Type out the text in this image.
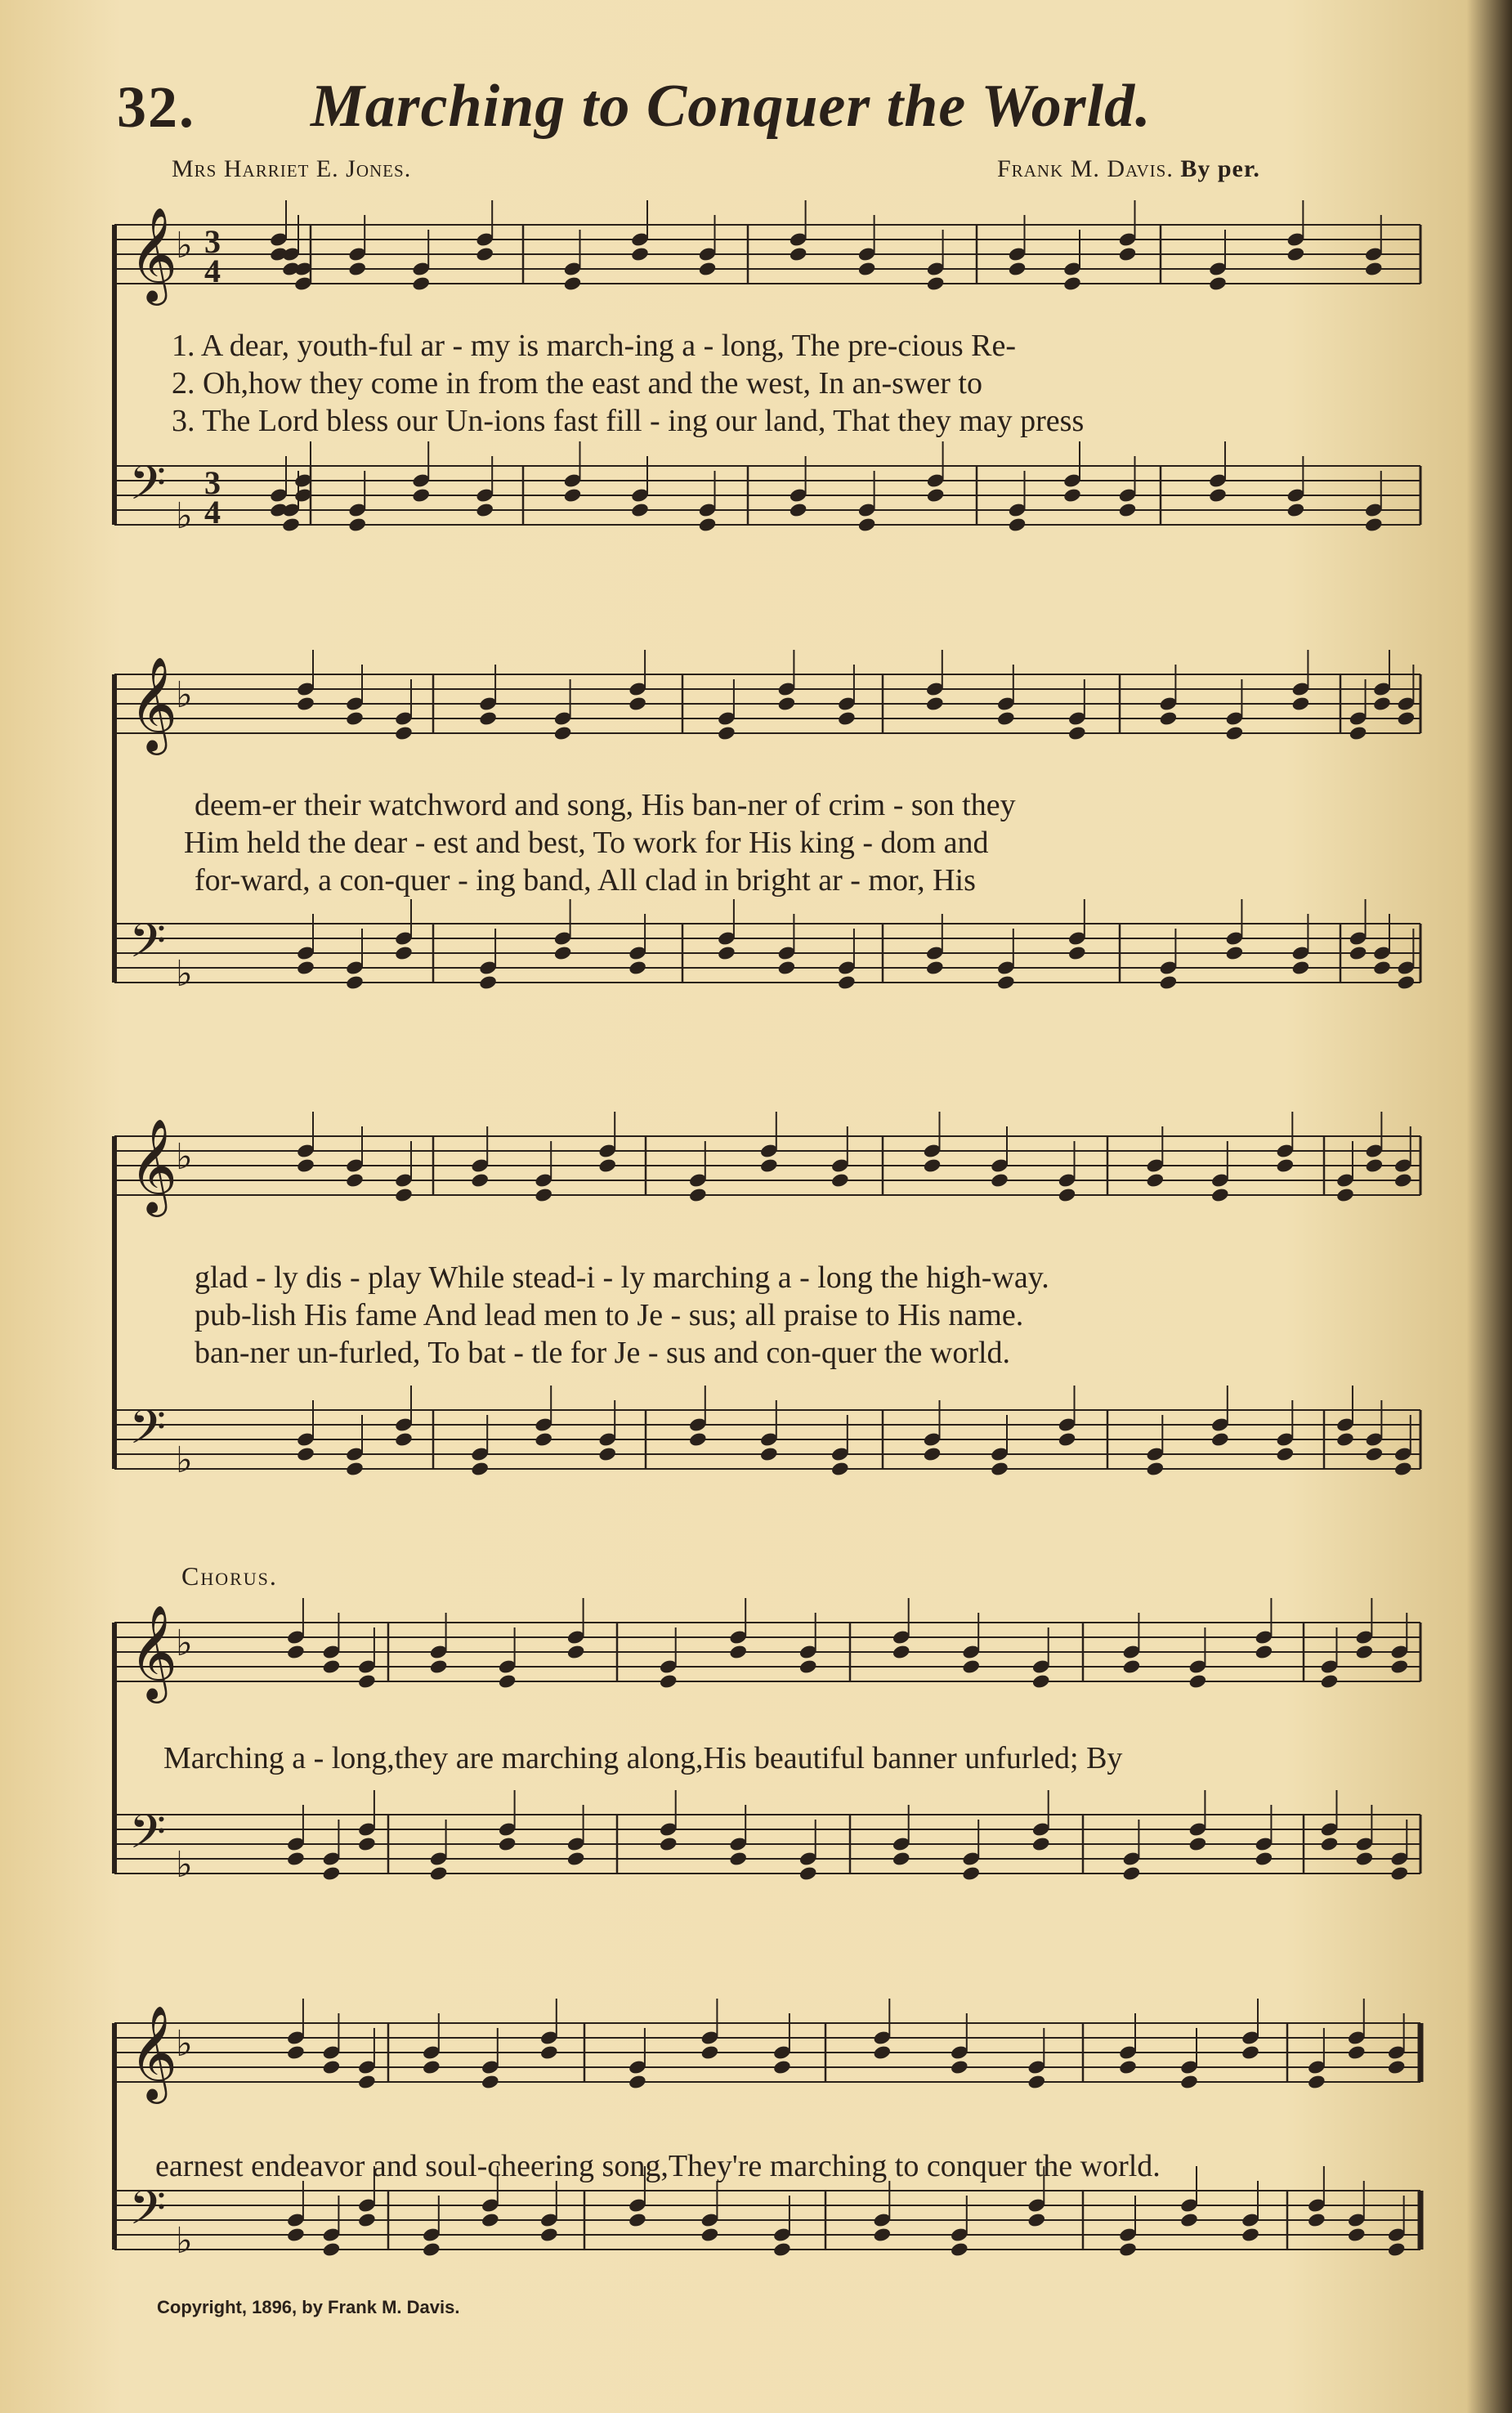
32. Marching to Conquer the World.
Mrs Harriet E. Jones.	Frank M. Davis. By per.
𝄞
♭ 3
4
𝄢 ♭
3
4
1. A dear, youth-ful ar - my is march-ing a - long, The pre-cious Re-
2. Oh,how they come in from the east and the west, In an-swer to
3. The Lord bless our Un-ions fast fill - ing our land, That they may press
𝄞
♭
𝄢 ♭
deem-er their watchword and song, His ban-ner of crim - son they
Him held the dear - est and best, To work for His king - dom and
for-ward, a con-quer - ing band, All clad in bright ar - mor, His
𝄞
♭
𝄢 ♭
glad - ly dis - play While stead-i - ly marching a - long the high-way.
pub-lish His fame And lead men to Je - sus; all praise to His name.
ban-ner un-furled, To bat - tle for Je - sus and con-quer the world.
Chorus.
𝄞
♭
𝄢 ♭
Marching a - long,they are marching along,His beautiful banner unfurled; By
𝄞
♭
𝄢 ♭
earnest endeavor and soul-cheering song,They're marching to conquer the world.
Copyright, 1896, by Frank M. Davis.
